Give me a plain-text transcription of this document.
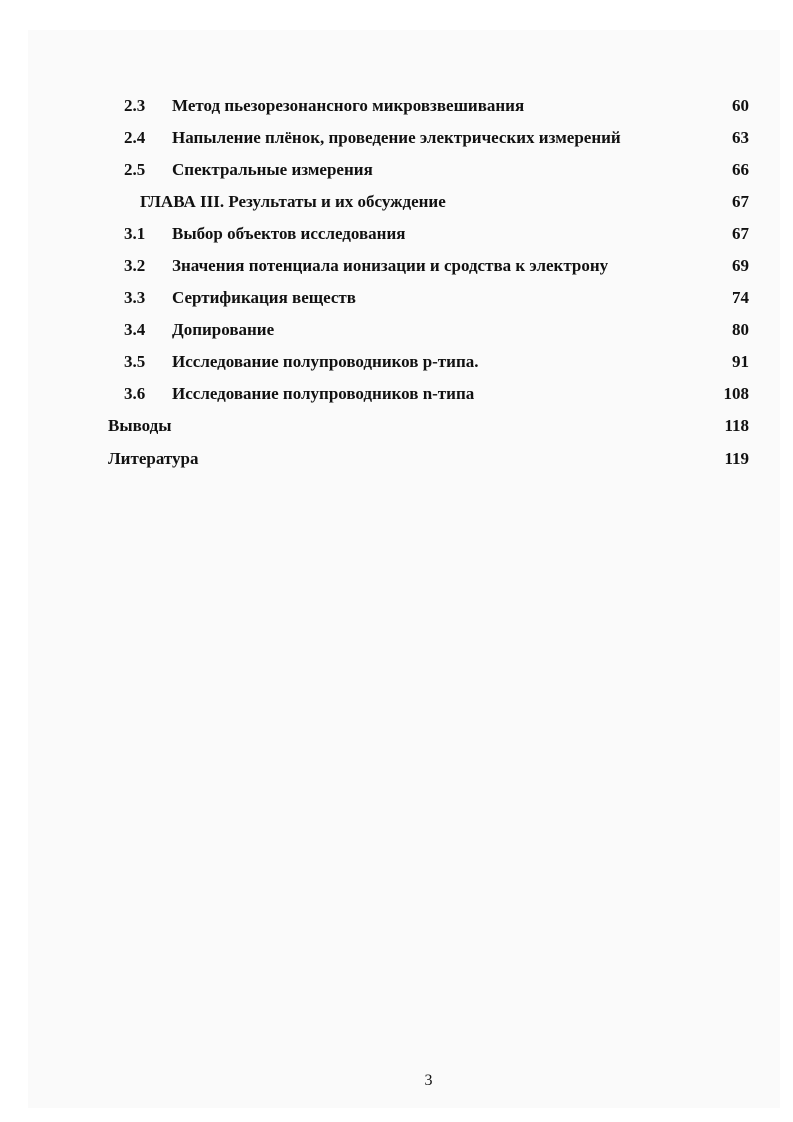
2.3 Метод пьезорезонансного микровзвешивания	60
2.4 Напыление плёнок, проведение электрических измерений	63
2.5 Спектральные измерения	66
ГЛАВА III. Результаты и их обсуждение	67
3.1 Выбор объектов исследования	67
3.2 Значения потенциала ионизации и сродства к электрону	69
3.3 Сертификация веществ	74
3.4 Допирование	80
3.5 Исследование полупроводников p-типа.	91
3.6 Исследование полупроводников n-типа	108
Выводы	118
Литература	119
3
